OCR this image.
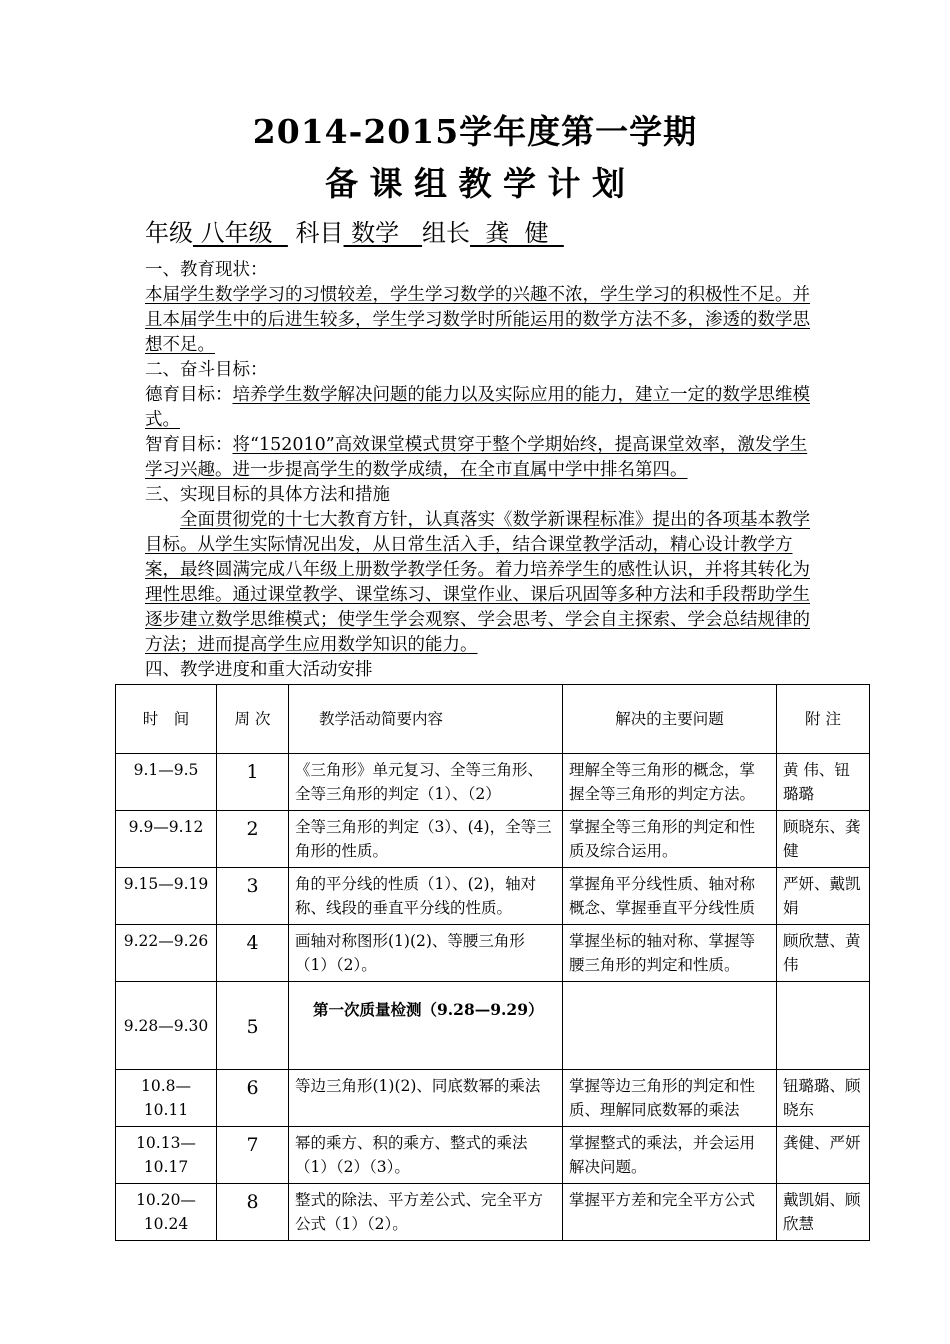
2014-2015学年度第一学期
备 课 组 教 学 计 划
年级 八年级   科目 数学   组长  龚  健
一、教育现状：
本届学生数学学习的习惯较差，学生学习数学的兴趣不浓，学生学习的积极性不足。并且本届学生中的后进生较多，学生学习数学时所能运用的数学方法不多，渗透的数学思想不足。
二、奋斗目标：
德育目标：培养学生数学解决问题的能力以及实际应用的能力，建立一定的数学思维模式。
智育目标：将“152010”高效课堂模式贯穿于整个学期始终，提高课堂效率，激发学生学习兴趣。进一步提高学生的数学成绩，在全市直属中学中排名第四。
三、实现目标的具体方法和措施
全面贯彻党的十七大教育方针，认真落实《数学新课程标准》提出的各项基本教学目标。从学生实际情况出发，从日常生活入手，结合课堂教学活动，精心设计教学方案，最终圆满完成八年级上册数学教学任务。着力培养学生的感性认识，并将其转化为理性思维。通过课堂教学、课堂练习、课堂作业、课后巩固等多种方法和手段帮助学生逐步建立数学思维模式；使学生学会观察、学会思考、学会自主探索、学会总结规律的方法；进而提高学生应用数学知识的能力。
四、教学进度和重大活动安排
时　间	周 次	教学活动简要内容	解决的主要问题	附 注
9.1—9.5	1	《三角形》单元复习、全等三角形、全等三角形的判定（1）、（2）	理解全等三角形的概念，掌握全等三角形的判定方法。	黄 伟、钮璐璐
9.9—9.12	2	全等三角形的判定（3）、(4)，全等三角形的性质。	掌握全等三角形的判定和性质及综合运用。	顾晓东、龚健
9.15—9.19	3	角的平分线的性质（1）、(2)，轴对称、线段的垂直平分线的性质。	掌握角平分线性质、轴对称概念、掌握垂直平分线性质	严妍、戴凯娟
9.22—9.26	4	画轴对称图形(1)(2)、等腰三角形（1）（2）。	掌握坐标的轴对称、掌握等腰三角形的判定和性质。	顾欣慧、黄伟
9.28—9.30	5	第一次质量检测（9.28—9.29）		
10.8—10.11	6	等边三角形(1)(2)、同底数幂的乘法	掌握等边三角形的判定和性质、理解同底数幂的乘法	钮璐璐、顾晓东
10.13—10.17	7	幂的乘方、积的乘方、整式的乘法（1）（2）（3）。	掌握整式的乘法，并会运用解决问题。	龚健、严妍
10.20—10.24	8	整式的除法、平方差公式、完全平方公式（1）（2）。	掌握平方差和完全平方公式	戴凯娟、顾欣慧
